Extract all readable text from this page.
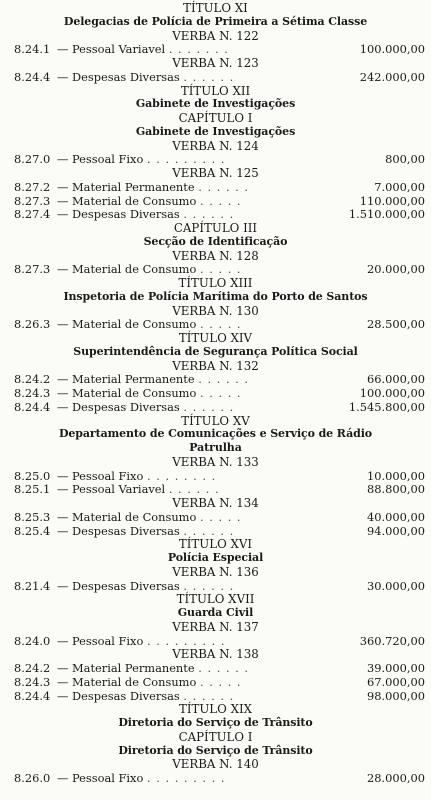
TÍTULO XI
Delegacias de Polícia de Primeira a Sétima Classe
VERBA N. 122
8.24.1 — Pessoal Variavel . . . . . . .	100.000,00
VERBA N. 123
8.24.4 — Despesas Diversas . . . . . .	242.000,00
TÍTULO XII
Gabinete de Investigações
CAPÍTULO I
Gabinete de Investigações
VERBA N. 124
8.27.0 — Pessoal Fixo . . . . . . . . .	800,00
VERBA N. 125
8.27.2 — Material Permanente . . . . . .	7.000,00
8.27.3 — Material de Consumo . . . . .	110.000,00
8.27.4 — Despesas Diversas . . . . . .	1.510.000,00
CAPÍTULO III
Secção de Identificação
VERBA N. 128
8.27.3 — Material de Consumo . . . . .	20.000,00
TÍTULO XIII
Inspetoria de Polícia Marítima do Porto de Santos
VERBA N. 130
8.26.3 — Material de Consumo . . . . .	28.500,00
TÍTULO XIV
Superintendência de Segurança Política Social
VERBA N. 132
8.24.2 — Material Permanente . . . . . .	66.000,00
8.24.3 — Material de Consumo . . . . .	100.000,00
8.24.4 — Despesas Diversas . . . . . .	1.545.800,00
TÍTULO XV
Departamento de Comunicações e Serviço de Rádio
Patrulha
VERBA N. 133
8.25.0 — Pessoal Fixo . . . . . . . .	10.000,00
8.25.1 — Pessoal Variavel . . . . . .	88.800,00
VERBA N. 134
8.25.3 — Material de Consumo . . . . .	40.000,00
8.25.4 — Despesas Diversas . . . . . .	94.000,00
TÍTULO XVI
Polícia Especial
VERBA N. 136
8.21.4 — Despesas Diversas . . . . . .	30.000,00
TÍTULO XVII
Guarda Civil
VERBA N. 137
8.24.0 — Pessoal Fixo . . . . . . . . .	360.720,00
VERBA N. 138
8.24.2 — Material Permanente . . . . . .	39.000,00
8.24.3 — Material de Consumo . . . . .	67.000,00
8.24.4 — Despesas Diversas . . . . . .	98.000,00
TÍTULO XIX
Diretoria do Serviço de Trânsito
CAPÍTULO I
Diretoria do Serviço de Trânsito
VERBA N. 140
8.26.0 — Pessoal Fixo . . . . . . . . .	28.000,00
